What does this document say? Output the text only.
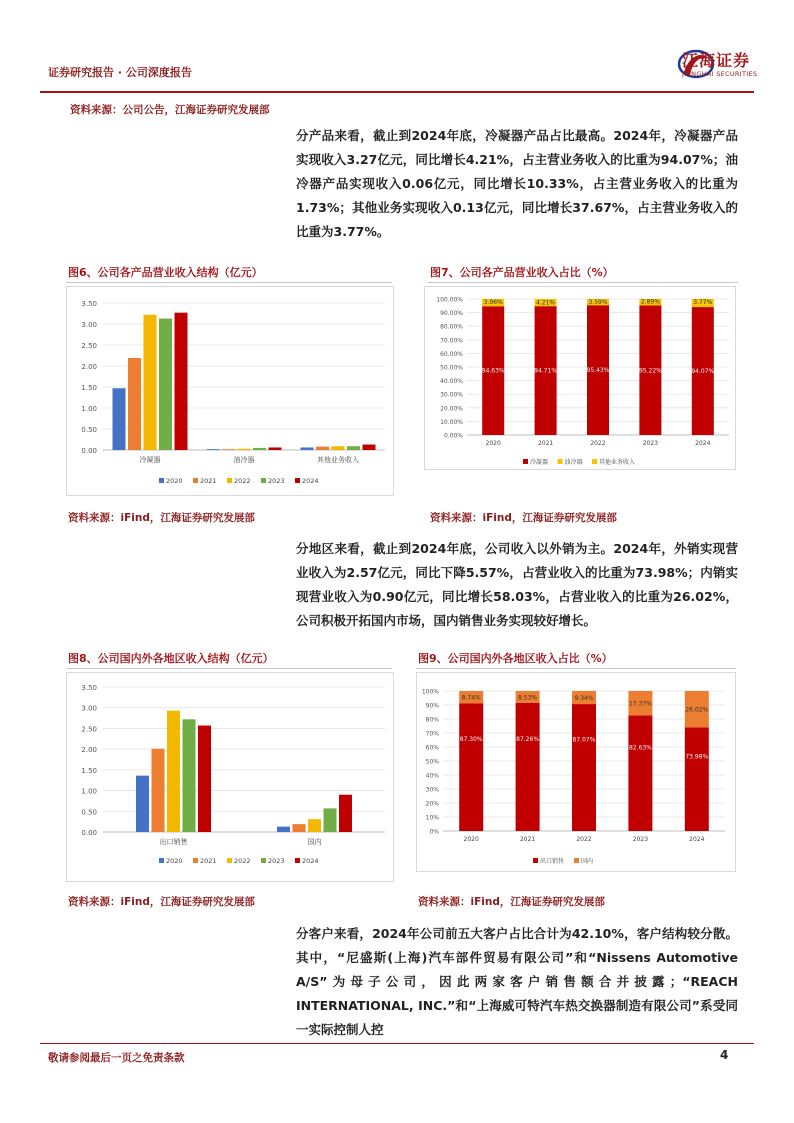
证券研究报告 · 公司深度报告
江海证券
JIANGHAI SECURITIES
资料来源：公司公告，江海证券研究发展部
分产品来看，截止到2024年底，冷凝器产品占比最高。2024年，冷凝器产品实现收入3.27亿元，同比增长4.21%，占主营业务收入的比重为94.07%；油冷器产品实现收入0.06亿元，同比增长10.33%，占主营业务收入的比重为1.73%；其他业务实现收入0.13亿元，同比增长37.67%，占主营业务收入的比重为3.77%。
图6、公司各产品营业收入结构（亿元）
0.00
0.50
1.00
1.50
2.00
2.50
3.00
3.50
冷凝器	油冷器	其他业务收入
2020	2021	2022	2023	2024
图7、公司各产品营业收入占比（%）
0.00%
10.00%
20.00%
30.00%
40.00%
50.00%
60.00%
70.00%
80.00%
90.00%
100.00%
94.63%
3.96%
2020
94.71%
4.21%
2021
95.43%
3.59%
2022
95.22%
2.89%
2023
94.07%
3.77%
2024
冷凝器	油冷器	其他业务收入
资料来源：iFind，江海证券研究发展部	资料来源：iFind，江海证券研究发展部
分地区来看，截止到2024年底，公司收入以外销为主。2024年，外销实现营业收入为2.57亿元，同比下降5.57%，占营业收入的比重为73.98%；内销实现营业收入为0.90亿元，同比增长58.03%，占营业收入的比重为26.02%，公司积极开拓国内市场，国内销售业务实现较好增长。
图8、公司国内外各地区收入结构（亿元）
0.00
0.50
1.00
1.50
2.00
2.50
3.00
3.50
出口销售	国内
2020	2021	2022	2023	2024
图9、公司国内外各地区收入占比（%）
0%
10%
20%
30%
40%
50%
60%
70%
80%
90%
100%
87.30%
8.74%
2020
87.26%
8.53%
2021
87.07%
9.34%
2022
82.63%
17.37%
2023
73.98%
26.02%
2024
出口销售	国内
资料来源：iFind，江海证券研究发展部	资料来源：iFind，江海证券研究发展部
分客户来看，2024年公司前五大客户占比合计为42.10%，客户结构较分散。其中，“尼盛斯(上海)汽车部件贸易有限公司”和“Nissens Automotive A/S”为母子公司，因此两家客户销售额合并披露；“REACH INTERNATIONAL, INC.”和“上海威可特汽车热交换器制造有限公司”系受同一实际控制人控
敬请参阅最后一页之免责条款	4
